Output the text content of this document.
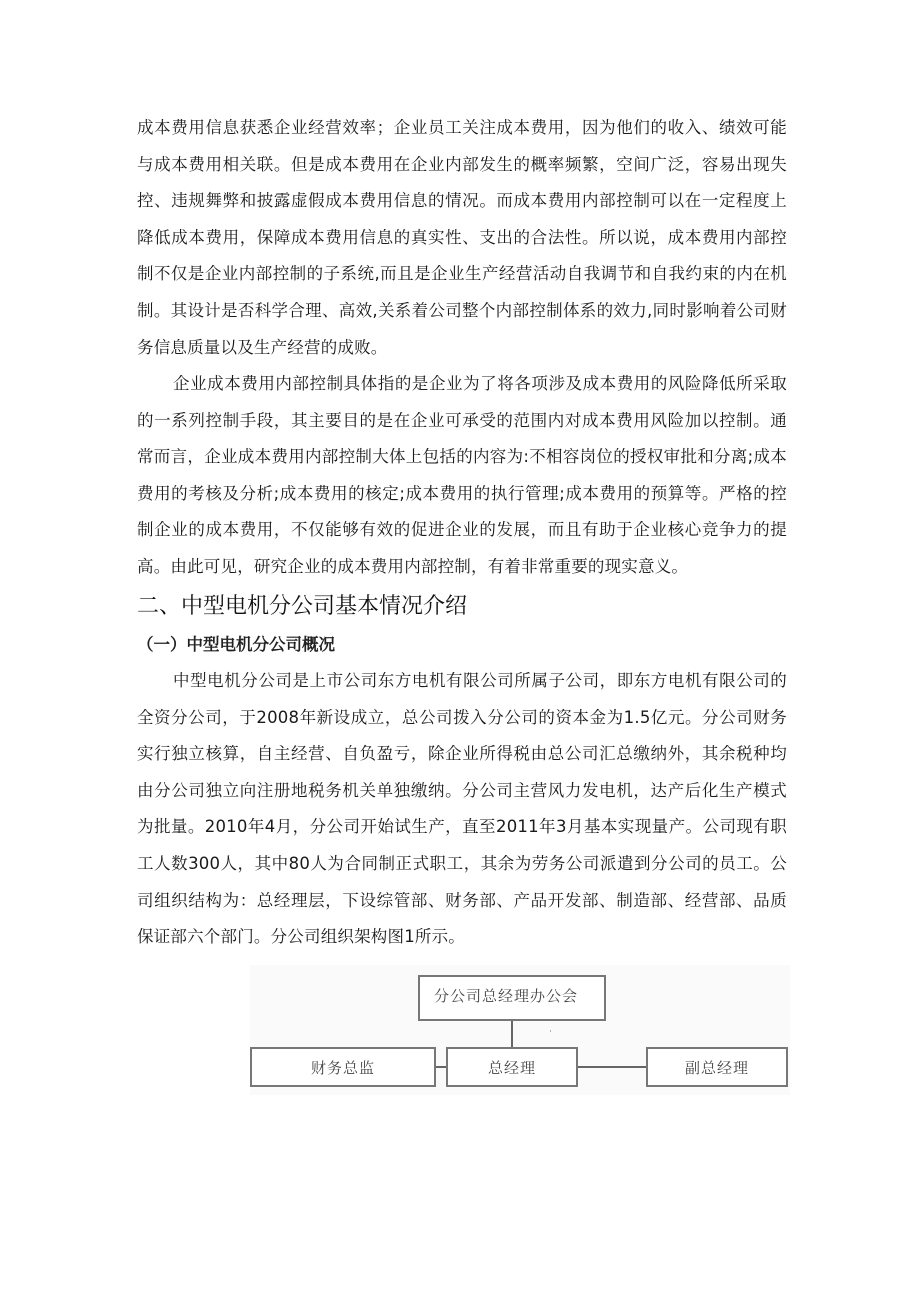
成本费用信息获悉企业经营效率；企业员工关注成本费用，因为他们的收入、绩效可能与成本费用相关联。但是成本费用在企业内部发生的概率频繁，空间广泛，容易出现失控、违规舞弊和披露虚假成本费用信息的情况。而成本费用内部控制可以在一定程度上降低成本费用，保障成本费用信息的真实性、支出的合法性。所以说，成本费用内部控制不仅是企业内部控制的子系统,而且是企业生产经营活动自我调节和自我约束的内在机制。其设计是否科学合理、高效,关系着公司整个内部控制体系的效力,同时影响着公司财务信息质量以及生产经营的成败。

企业成本费用内部控制具体指的是企业为了将各项涉及成本费用的风险降低所采取的一系列控制手段，其主要目的是在企业可承受的范围内对成本费用风险加以控制。通常而言，企业成本费用内部控制大体上包括的内容为:不相容岗位的授权审批和分离;成本费用的考核及分析;成本费用的核定;成本费用的执行管理;成本费用的预算等。严格的控制企业的成本费用，不仅能够有效的促进企业的发展，而且有助于企业核心竞争力的提高。由此可见，研究企业的成本费用内部控制，有着非常重要的现实意义。

二、中型电机分公司基本情况介绍
（一）中型电机分公司概况

中型电机分公司是上市公司东方电机有限公司所属子公司，即东方电机有限公司的全资分公司，于2008年新设成立，总公司拨入分公司的资本金为1.5亿元。分公司财务实行独立核算，自主经营、自负盈亏，除企业所得税由总公司汇总缴纳外，其余税种均由分公司独立向注册地税务机关单独缴纳。分公司主营风力发电机，达产后化生产模式为批量。2010年4月，分公司开始试生产，直至2011年3月基本实现量产。公司现有职工人数300人，其中80人为合同制正式职工，其余为劳务公司派遣到分公司的员工。公司组织结构为：总经理层，下设综管部、财务部、产品开发部、制造部、经营部、品质保证部六个部门。分公司组织架构图1所示。

分公司总经理办公会
财务总监	总经理	副总经理
